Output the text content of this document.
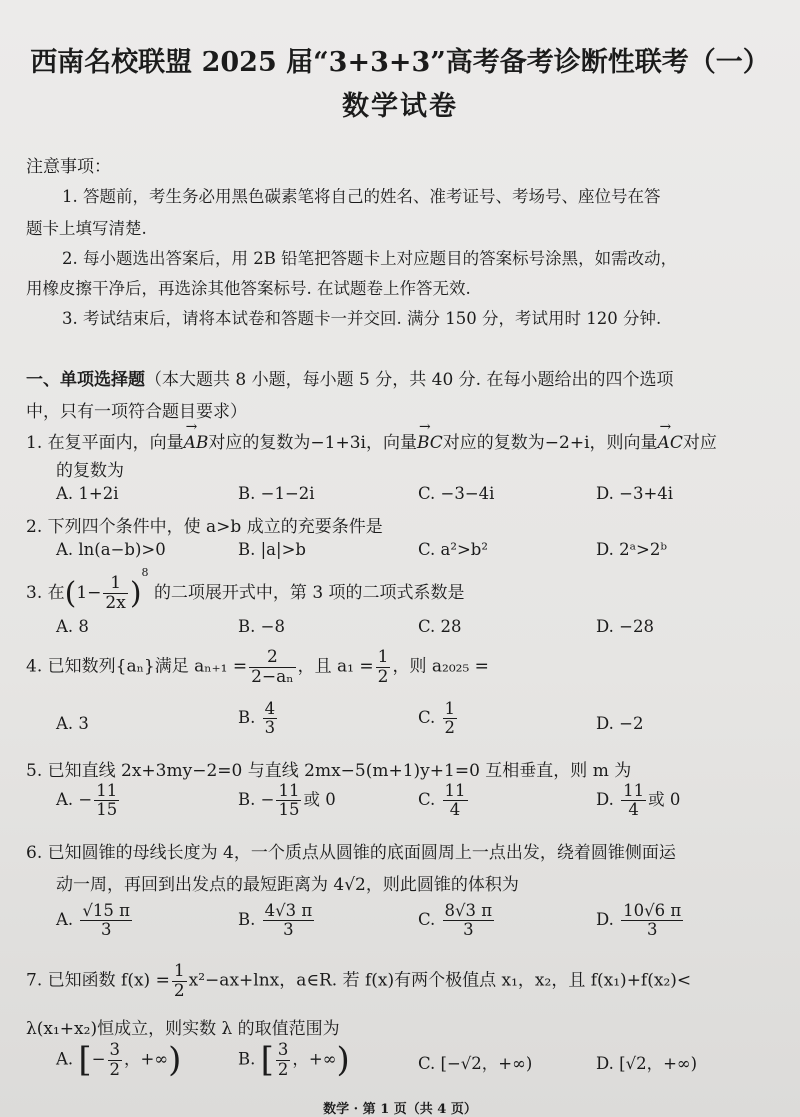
西南名校联盟 2025 届“3+3+3”高考备考诊断性联考（一）
数学试卷
注意事项：
1. 答题前，考生务必用黑色碳素笔将自己的姓名、准考证号、考场号、座位号在答
题卡上填写清楚.
2. 每小题选出答案后，用 2B 铅笔把答题卡上对应题目的答案标号涂黑，如需改动，
用橡皮擦干净后，再选涂其他答案标号. 在试题卷上作答无效.
3. 考试结束后，请将本试卷和答题卡一并交回. 满分 150 分，考试用时 120 分钟.
一、单项选择题（本大题共 8 小题，每小题 5 分，共 40 分. 在每小题给出的四个选项
中，只有一项符合题目要求）
1. 在复平面内，向量→ AB对应的复数为−1+3i，向量→ BC对应的复数为−2+i，则向量→ AC对应
的复数为
A. 1+2i	B. −1−2i	C. −3−4i	D. −3+4i
2. 下列四个条件中，使 a>b 成立的充要条件是
A. ln(a−b)>0	B. |a|>b	C. a²>b²	D. 2ᵃ>2ᵇ
3. 在$(1- \frac{1}{2x} )^8$ 的二项展开式中，第 3 项的二项式系数是
A. 8	B. −8	C. 28	D. −28
4. 已知数列{aₙ}满足 $a_{n+1} = \frac{2}{\text{2−aₙ}}$ ，且 $a_1 = \frac{1}{2}$ ，则 a₂₀₂₅ =
A. 3	B. $\frac{4}{3}$	C. $\frac{1}{2}$	D. −2
5. 已知直线 2x+3my−2=0 与直线 2mx−5(m+1)y+1=0 互相垂直，则 m 为
A. − $\frac{11}{15}$	B. − $\frac{11}{15}$ 或 0	C. $\frac{11}{4}$	D. $\frac{11}{4}$ 或 0
6. 已知圆锥的母线长度为 4，一个质点从圆锥的底面圆周上一点出发，绕着圆锥侧面运
动一周，再回到出发点的最短距离为 4√2，则此圆锥的体积为
A. $\frac{√15 \pi}{3}$	B. $\frac{4√3 \pi}{3}$	C. $\frac{8√3 \pi}{3}$	D. $\frac{10√6 \pi}{3}$
7. 已知函数 $f(x) = \frac{1}{2} x^2-ax+\ln x$，a∈R. 若 f(x)有两个极值点 x₁，x₂，且 f(x₁)+f(x₂)<
λ(x₁+x₂)恒成立，则实数 λ 的取值范围为
A. [− $\frac{3}{2}$ ，+∞)	B. [ $\frac{3}{2}$ ，+∞)	C. [−√2，+∞)	D. [√2，+∞)
数学 · 第 1 页（共 4 页）
